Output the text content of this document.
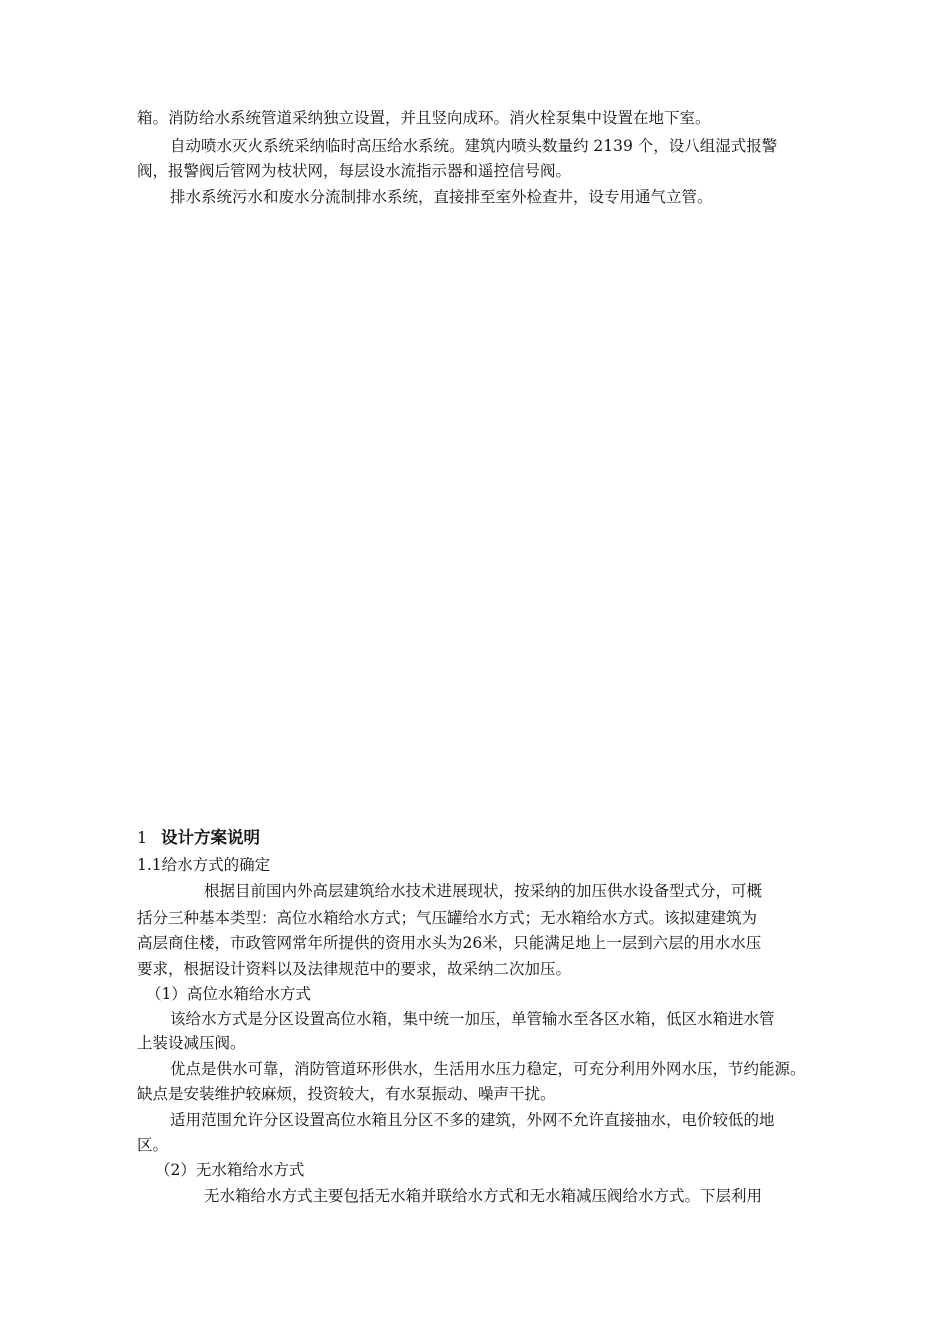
箱。消防给水系统管道采纳独立设置，并且竖向成环。消火栓泵集中设置在地下室。
自动喷水灭火系统采纳临时高压给水系统。建筑内喷头数量约 2139 个，设八组湿式报警
阀，报警阀后管网为枝状网，每层设水流指示器和遥控信号阀。
排水系统污水和废水分流制排水系统，直接排至室外检查井，设专用通气立管。
1 设计方案说明
1.1给水方式的确定
根据目前国内外高层建筑给水技术进展现状，按采纳的加压供水设备型式分，可概
括分三种基本类型：高位水箱给水方式；气压罐给水方式；无水箱给水方式。该拟建建筑为
高层商住楼，市政管网常年所提供的资用水头为26米，只能满足地上一层到六层的用水水压
要求，根据设计资料以及法律规范中的要求，故采纳二次加压。
（1）高位水箱给水方式
该给水方式是分区设置高位水箱，集中统一加压，单管输水至各区水箱，低区水箱进水管
上装设减压阀。
优点是供水可靠，消防管道环形供水，生活用水压力稳定，可充分利用外网水压，节约能源。
缺点是安装维护较麻烦，投资较大，有水泵振动、噪声干扰。
适用范围允许分区设置高位水箱且分区不多的建筑，外网不允许直接抽水，电价较低的地
区。
（2）无水箱给水方式
无水箱给水方式主要包括无水箱并联给水方式和无水箱减压阀给水方式。下层利用
